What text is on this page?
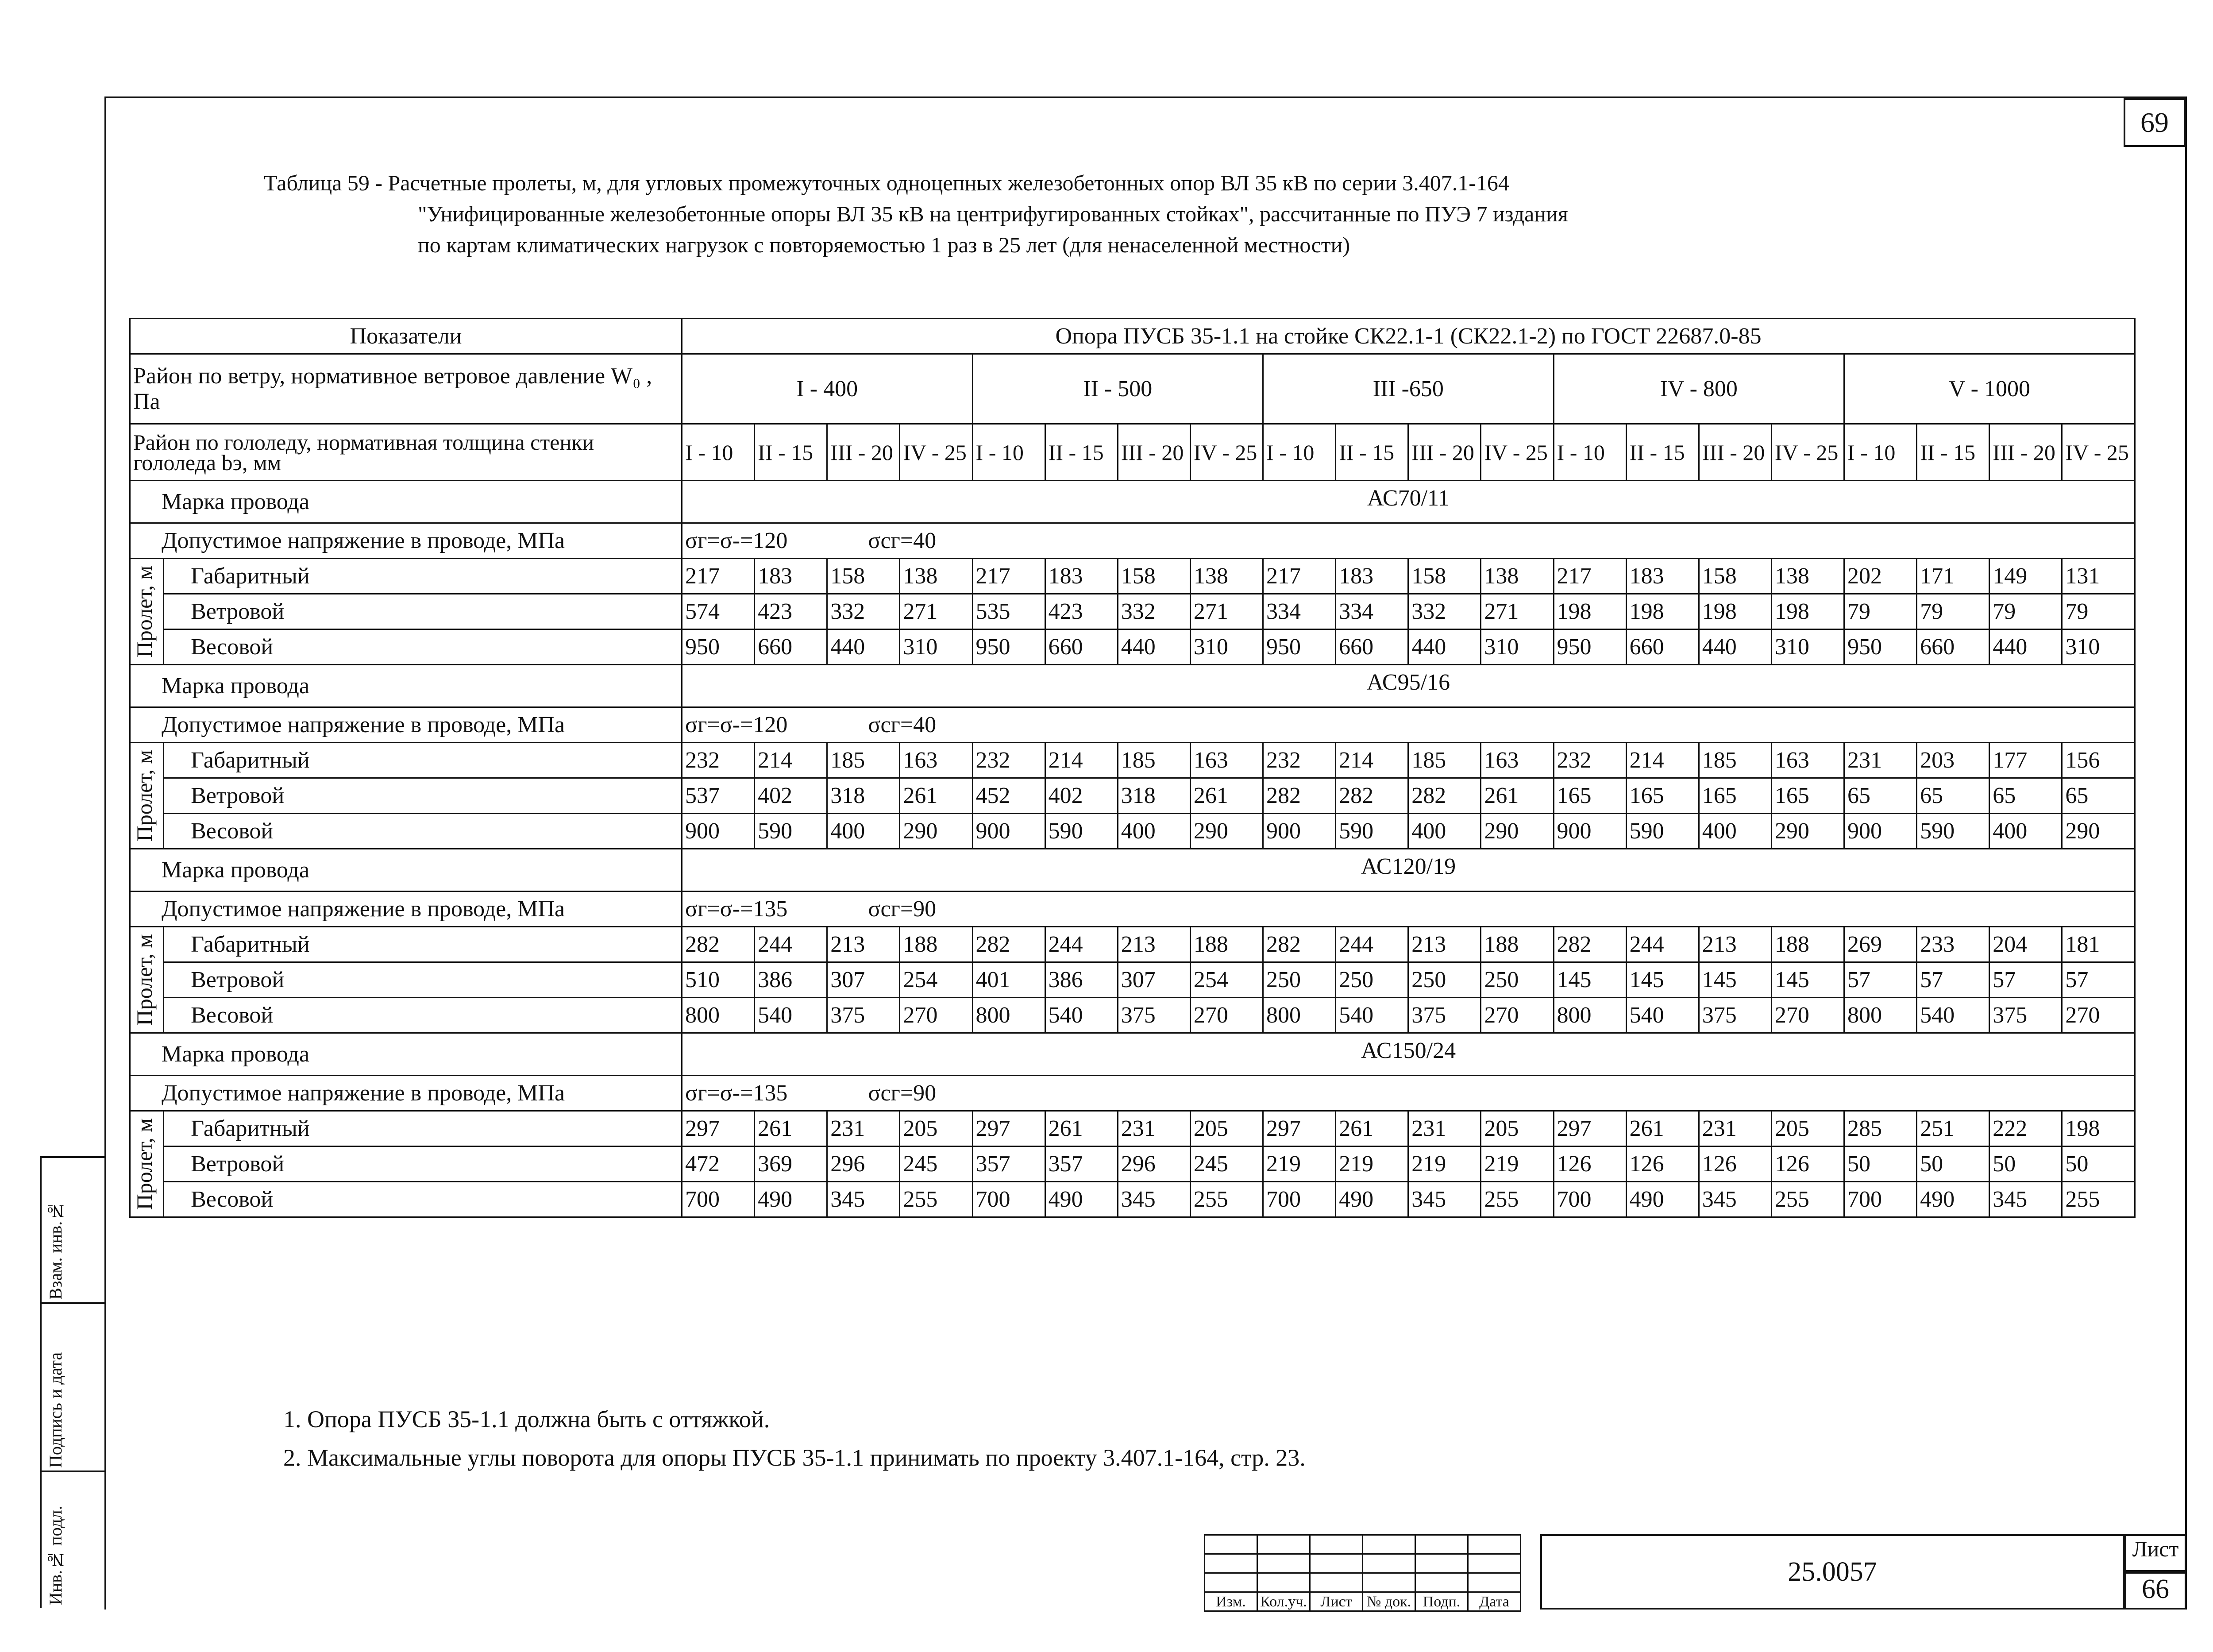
69
Таблица 59 - Расчетные пролеты, м, для угловых промежуточных одноцепных железобетонных опор ВЛ 35 кВ по серии 3.407.1-164
"Унифицированные железобетонные опоры ВЛ 35 кВ на центрифугированных стойках", рассчитанные по ПУЭ 7 издания
по картам климатических нагрузок с повторяемостью 1 раз в 25 лет (для ненаселенной местности)
Показатели		Опора ПУСБ 35-1.1 на стойке СК22.1-1 (СК22.1-2) по ГОСТ 22687.0-85																			
Район по ветру, нормативное ветровое давление W₀ , Па		I - 400				II - 500				III -650				IV - 800				V - 1000			
Район по гололеду, нормативная толщина стенки гололеда bэ, мм		I - 10	II - 15	III - 20	IV - 25	I - 10	II - 15	III - 20	IV - 25	I - 10	II - 15	III - 20	IV - 25	I - 10	II - 15	III - 20	IV - 25	I - 10	II - 15	III - 20	IV - 25
Марка провода		АС70/11																			
Допустимое напряжение в проводе, МПа		σг=σ-=120              σсг=40																			

Пролет, м	Габаритный	217	183	158	138	217	183	158	138	217	183	158	138	217	183	158	138	202	171	149	131
	Ветровой	574	423	332	271	535	423	332	271	334	334	332	271	198	198	198	198	79	79	79	79
	Весовой	950	660	440	310	950	660	440	310	950	660	440	310	950	660	440	310	950	660	440	310
Марка провода		АС95/16																			
Допустимое напряжение в проводе, МПа		σг=σ-=120              σсг=40																			

Пролет, м	Габаритный	232	214	185	163	232	214	185	163	232	214	185	163	232	214	185	163	231	203	177	156
	Ветровой	537	402	318	261	452	402	318	261	282	282	282	261	165	165	165	165	65	65	65	65
	Весовой	900	590	400	290	900	590	400	290	900	590	400	290	900	590	400	290	900	590	400	290
Марка провода		АС120/19																			
Допустимое напряжение в проводе, МПа		σг=σ-=135              σсг=90																			

Пролет, м	Габаритный	282	244	213	188	282	244	213	188	282	244	213	188	282	244	213	188	269	233	204	181
	Ветровой	510	386	307	254	401	386	307	254	250	250	250	250	145	145	145	145	57	57	57	57
	Весовой	800	540	375	270	800	540	375	270	800	540	375	270	800	540	375	270	800	540	375	270
Марка провода		АС150/24																			
Допустимое напряжение в проводе, МПа		σг=σ-=135              σсг=90																			

Пролет, м	Габаритный	297	261	231	205	297	261	231	205	297	261	231	205	297	261	231	205	285	251	222	198
	Ветровой	472	369	296	245	357	357	296	245	219	219	219	219	126	126	126	126	50	50	50	50
	Весовой	700	490	345	255	700	490	345	255	700	490	345	255	700	490	345	255	700	490	345	255
1. Опора ПУСБ 35-1.1 должна быть с оттяжкой.
2. Максимальные углы поворота для опоры ПУСБ 35-1.1 принимать по проекту 3.407.1-164, стр. 23.
Взам. инв.№
Подпись и дата
Инв.№ подл.

						Изм.	Кол.уч.	Лист	№ док.	Подп.	Дата
25.0057
Лист
66
